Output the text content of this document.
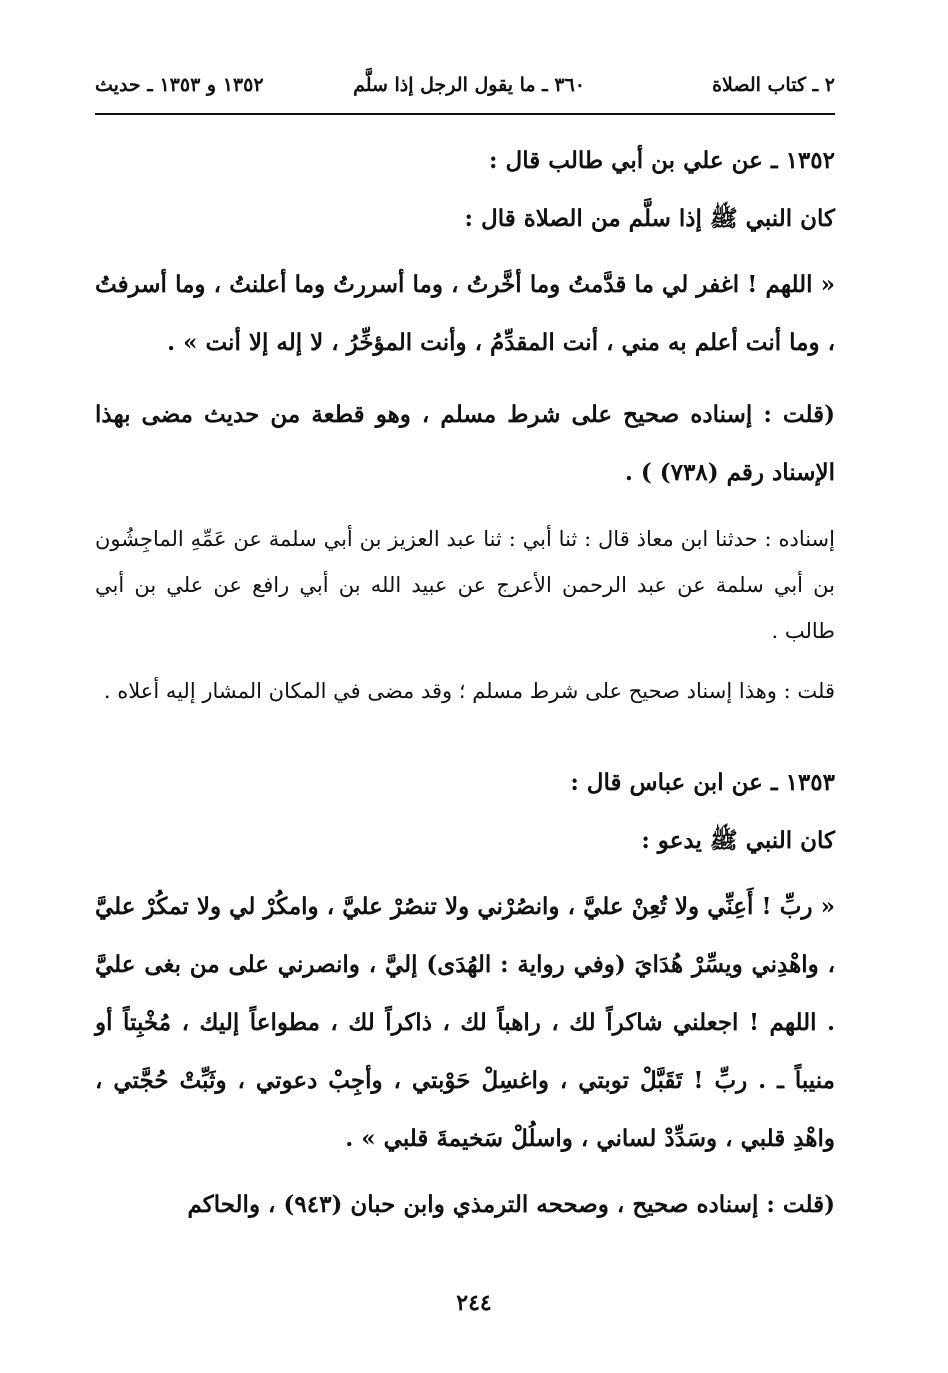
٢ ـ كتاب الصلاة
٣٦٠ ـ ما يقول الرجل إذا سلَّم
١٣٥٢ و ١٣٥٣ ـ حديث

١٣٥٢ ـ عن علي بن أبي طالب قال :

كان النبي ﷺ إذا سلَّم من الصلاة قال :

« اللهم ! اغفر لي ما قدَّمتُ وما أخَّرتُ ، وما أسررتُ وما أعلنتُ ، وما أسرفتُ ، وما أنت أعلم به مني ، أنت المقدِّمُ ، وأنت المؤخِّرُ ، لا إله إلا أنت » .

(قلت : إسناده صحيح على شرط مسلم ، وهو قطعة من حديث مضى بهذا الإسناد رقم (٧٣٨) ) .

إسناده : حدثنا ابن معاذ قال : ثنا أبي : ثنا عبد العزيز بن أبي سلمة عن عَمِّهِ الماجِشُون بن أبي سلمة عن عبد الرحمن الأعرج عن عبيد الله بن أبي رافع عن علي بن أبي طالب .

قلت : وهذا إسناد صحيح على شرط مسلم ؛ وقد مضى في المكان المشار إليه أعلاه .

١٣٥٣ ـ عن ابن عباس قال :

كان النبي ﷺ يدعو :

« ربِّ ! أَعِنِّي ولا تُعِنْ عليَّ ، وانصُرْني ولا تنصُرْ عليَّ ، وامكُرْ لي ولا تمكُرْ عليَّ ، واهْدِني ويسِّرْ هُدَايَ (وفي رواية : الهُدَى) إليَّ ، وانصرني على من بغى عليَّ . اللهم ! اجعلني شاكراً لك ، راهباً لك ، ذاكراً لك ، مطواعاً إليك ، مُخْبِتاً أو منيباً ـ . ربِّ ! تَقَبَّلْ توبتي ، واغسِلْ حَوْبتي ، وأجِبْ دعوتي ، وثَبِّتْ حُجَّتي ، واهْدِ قلبي ، وسَدِّدْ لساني ، واسلُلْ سَخيمةَ قلبي » .

(قلت : إسناده صحيح ، وصححه الترمذي وابن حبان (٩٤٣) ، والحاكم

٢٤٤
